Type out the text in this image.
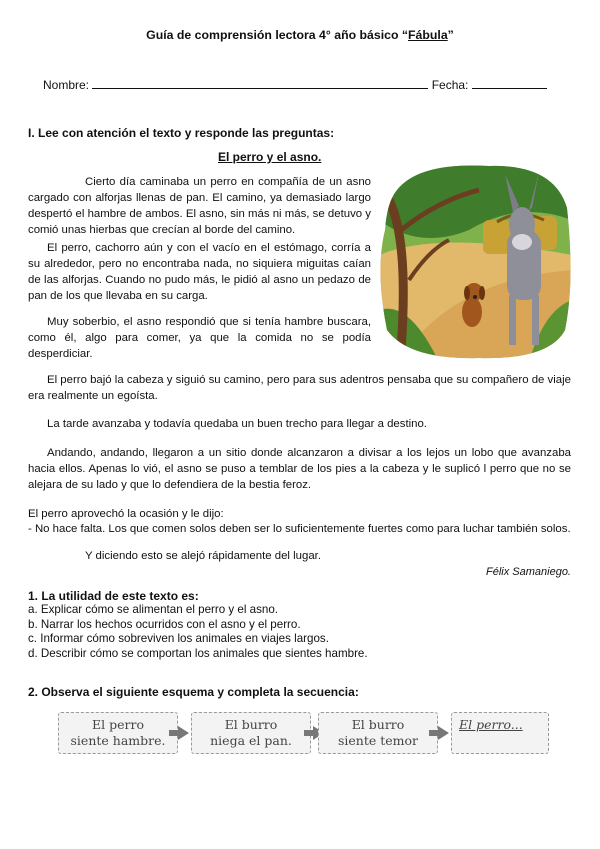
Guía de comprensión lectora 4° año básico “Fábula”
Nombre:	Fecha:
I. Lee con atención el texto y responde las preguntas:
El perro y el asno.
Cierto día caminaba un perro en compañía de un asno cargado con alforjas llenas de pan. El camino, ya demasiado largo despertó el hambre de ambos. El asno, sin más ni más, se detuvo y comió unas hierbas que crecían al borde del camino.
El perro, cachorro aún y con el vacío en el estómago, corría a su alrededor, pero no encontraba nada, no siquiera miguitas caían de las alforjas. Cuando no pudo más, le pidió al asno un pedazo de pan de los que llevaba en su carga.
Muy soberbio, el asno respondió que si tenía hambre buscara, como él, algo para comer, ya que la comida no se podía desperdiciar.
El perro bajó la cabeza y siguió su camino, pero para sus adentros pensaba que su compañero de viaje era realmente un egoísta.
La tarde avanzaba y todavía quedaba un buen trecho para llegar a destino.
Andando, andando, llegaron a un sitio donde alcanzaron a divisar a los lejos un lobo que avanzaba hacia ellos. Apenas lo vió, el asno se puso a temblar de los pies a la cabeza y le suplicó l perro que no se alejara de su lado y que lo defendiera de la bestia feroz.
El perro aprovechó la ocasión y le dijo:
- No hace falta. Los que comen solos deben ser lo suficientemente fuertes como para luchar también solos.
Y diciendo esto se alejó rápidamente del lugar.
Félix Samaniego.
1. La utilidad de este texto es:
a. Explicar cómo se alimentan el perro y el asno.
b. Narrar los hechos ocurridos con el asno y el perro.
c. Informar cómo sobreviven los animales en viajes largos.
d. Describir cómo se comportan los animales que sientes hambre.
2. Observa el siguiente esquema y completa la secuencia:
El perro
siente hambre.
El burro
niega el pan.
El burro
siente temor
El perro...
